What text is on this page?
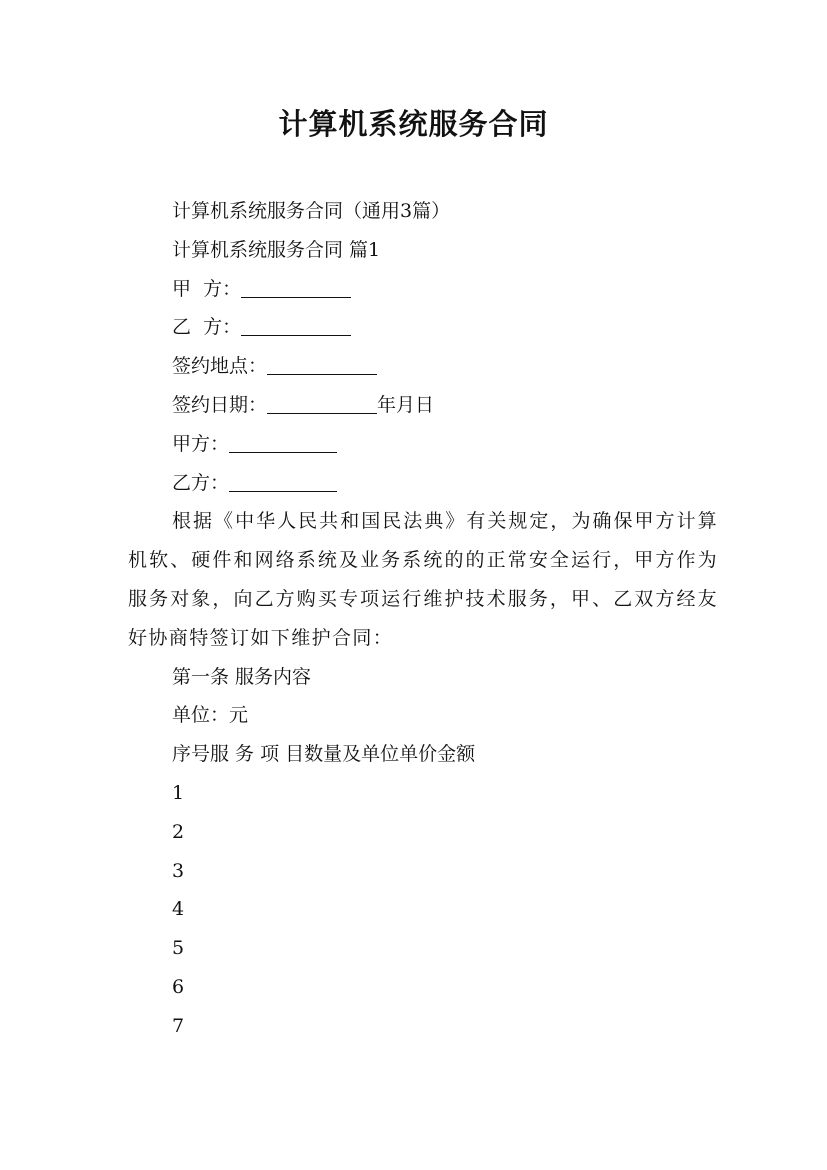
计算机系统服务合同
计算机系统服务合同（通用3篇）
计算机系统服务合同 篇1
甲  方：
乙  方：
签约地点：
签约日期：	年月日
甲方：
乙方：
根据《中华人民共和国民法典》有关规定，为确保甲方计算机软、硬件和网络系统及业务系统的的正常安全运行，甲方作为服务对象，向乙方购买专项运行维护技术服务，甲、乙双方经友好协商特签订如下维护合同：
第一条 服务内容
单位：元
序号服 务 项 目数量及单位单价金额
1
2
3
4
5
6
7
